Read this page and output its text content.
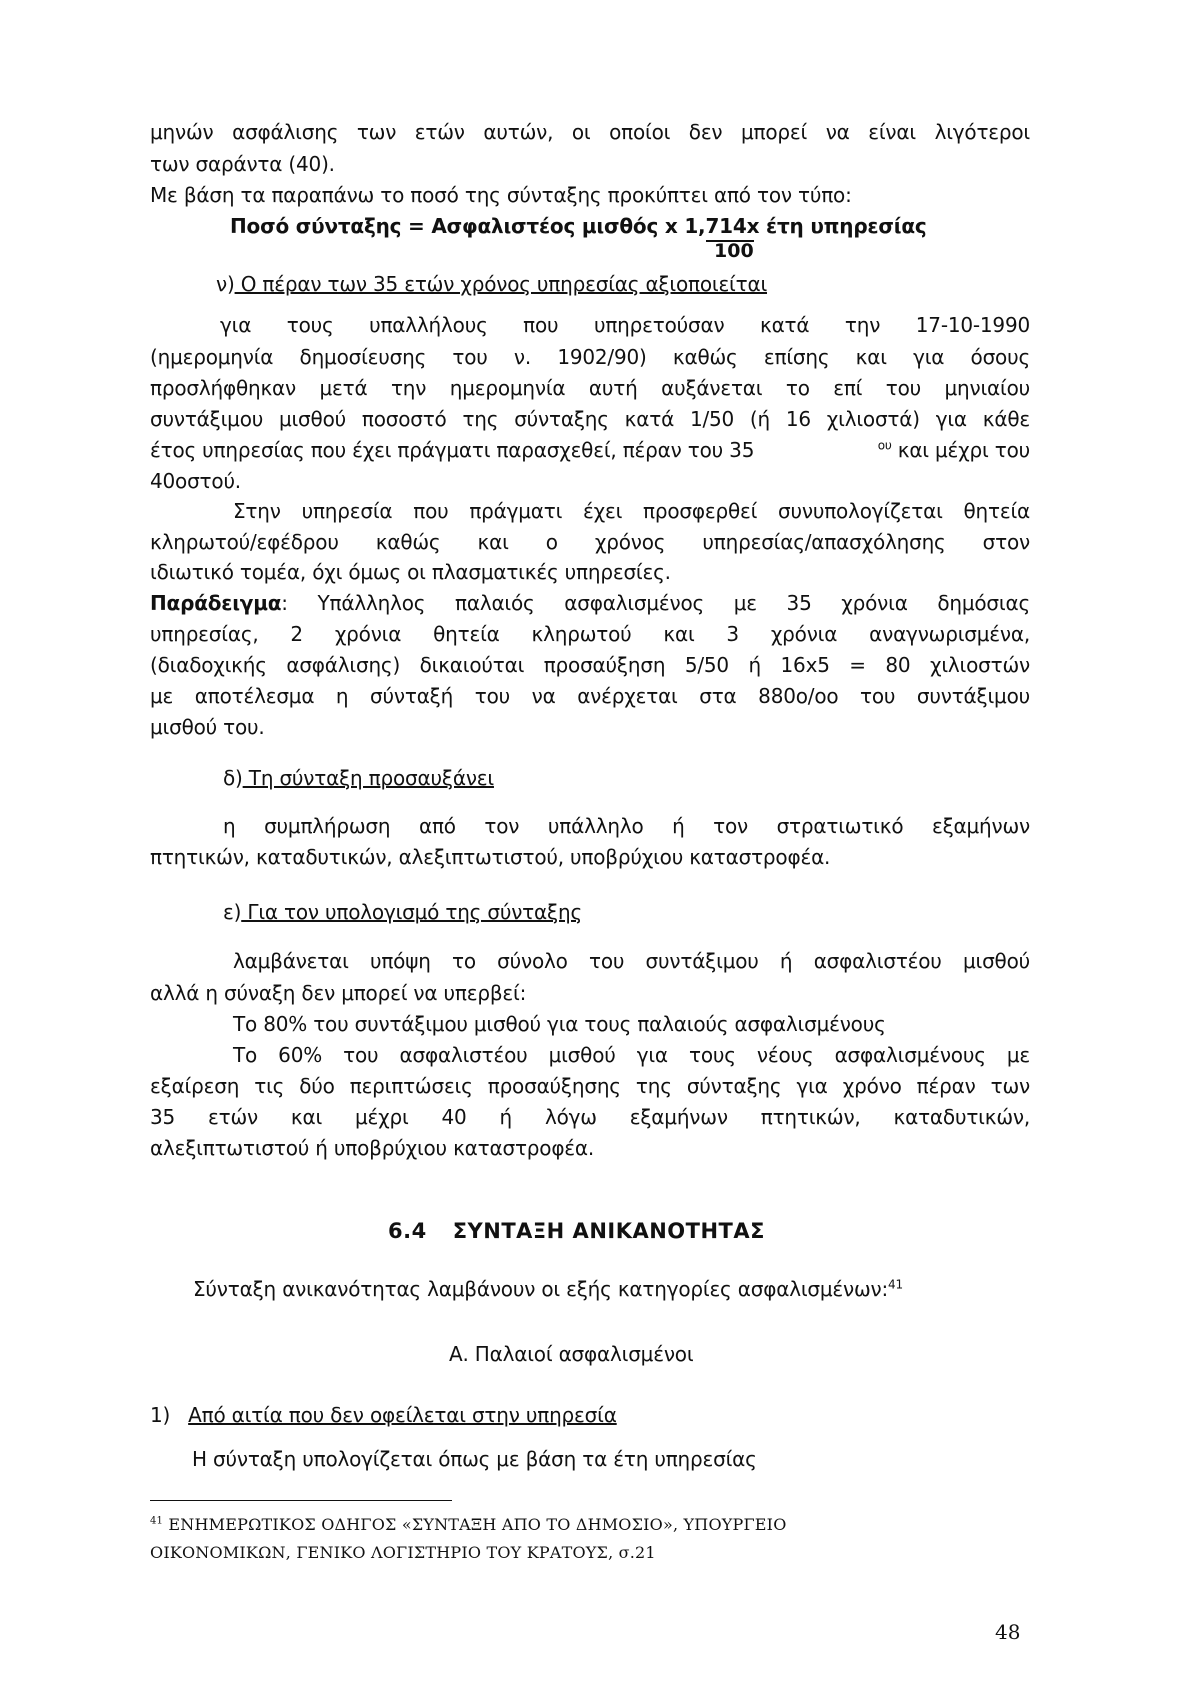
μηνών ασφάλισης των ετών αυτών, οι οποίοι δεν μπορεί να είναι λιγότεροι
των σαράντα (40).
Με βάση τα παραπάνω το ποσό της σύνταξης προκύπτει από τον τύπο:
Ποσό σύνταξης = Ασφαλιστέος μισθός x 1,714x έτη υπηρεσίας
100
ν) Ο πέραν των 35 ετών χρόνος υπηρεσίας αξιοποιείται
για τους υπαλλήλους που υπηρετούσαν κατά την 17-10-1990
(ημερομηνία δημοσίευσης του ν. 1902/90) καθώς επίσης και για όσους
προσλήφθηκαν μετά την ημερομηνία αυτή αυξάνεται το επί του μηνιαίου
συντάξιμου μισθού ποσοστό της σύνταξης κατά 1/50 (ή 16 χιλιοστά) για κάθε
έτος υπηρεσίας που έχει πράγματι παρασχεθεί, πέραν του 35	$^{o\upsilon}$ και μέχρι του
40οστού.
Στην υπηρεσία που πράγματι έχει προσφερθεί συνυπολογίζεται θητεία
κληρωτού/εφέδρου καθώς και ο χρόνος υπηρεσίας/απασχόλησης στον
ιδιωτικό τομέα, όχι όμως οι πλασματικές υπηρεσίες.
Παράδειγμα : Υπάλληλος παλαιός ασφαλισμένος με 35 χρόνια δημόσιας
υπηρεσίας, 2 χρόνια θητεία κληρωτού και 3 χρόνια αναγνωρισμένα,
(διαδοχικής ασφάλισης) δικαιούται προσαύξηση 5/50 ή 16x5 = 80 χιλιοστών
με αποτέλεσμα η σύνταξή του να ανέρχεται στα 880ο/οο του συντάξιμου
μισθού του.
δ) Τη σύνταξη προσαυξάνει
η συμπλήρωση από τον υπάλληλο ή τον στρατιωτικό εξαμήνων
πτητικών, καταδυτικών, αλεξιπτωτιστού, υποβρύχιου καταστροφέα.
ε) Για τον υπολογισμό της σύνταξης
λαμβάνεται υπόψη το σύνολο του συντάξιμου ή ασφαλιστέου μισθού
αλλά η σύναξη δεν μπορεί να υπερβεί:
Το 80% του συντάξιμου μισθού για τους παλαιούς ασφαλισμένους
Το 60% του ασφαλιστέου μισθού για τους νέους ασφαλισμένους με
εξαίρεση τις δύο περιπτώσεις προσαύξησης της σύνταξης για χρόνο πέραν των
35 ετών και μέχρι 40 ή λόγω εξαμήνων πτητικών, καταδυτικών,
αλεξιπτωτιστού ή υποβρύχιου καταστροφέα.
6.4 ΣΥΝΤΑΞΗ ΑΝΙΚΑΝΟΤΗΤΑΣ
Σύνταξη ανικανότητας λαμβάνουν οι εξής κατηγορίες ασφαλισμένων:$^{41}$
Α. Παλαιοί ασφαλισμένοι
1) Από αιτία που δεν οφείλεται στην υπηρεσία
Η σύνταξη υπολογίζεται όπως με βάση τα έτη υπηρεσίας
$^{41}$ ΕΝΗΜΕΡΩΤΙΚΟΣ ΟΔΗΓΟΣ «ΣΥΝΤΑΞΗ ΑΠΟ ΤΟ ΔΗΜΟΣΙΟ», ΥΠΟΥΡΓΕΙΟ
ΟΙΚΟΝΟΜΙΚΩΝ, ΓΕΝΙΚΟ ΛΟΓΙΣΤΗΡΙΟ ΤΟΥ ΚΡΑΤΟΥΣ, σ.21
48
